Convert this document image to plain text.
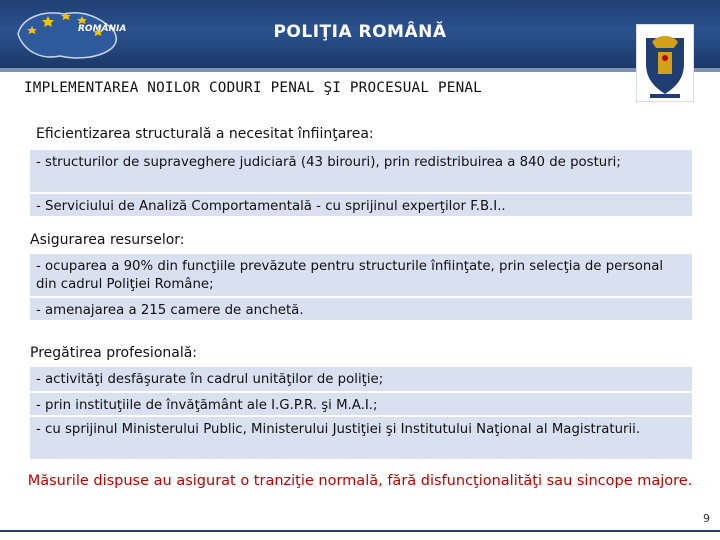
ROMÂNIA	POLIŢIA ROMÂNĂ
IMPLEMENTAREA NOILOR CODURI PENAL ŞI PROCESUAL PENAL
Eficientizarea structurală a necesitat înfiinţarea:
- structurilor de supraveghere judiciară (43 birouri), prin redistribuirea a 840 de posturi;
- Serviciului de Analiză Comportamentală - cu sprijinul experţilor F.B.I..
Asigurarea resurselor:
- ocuparea a 90% din funcţiile prevăzute pentru structurile înfiinţate, prin selecţia de personal din cadrul Poliţiei Române;
- amenajarea a 215 camere de anchetă.
Pregătirea profesională:
- activităţi desfăşurate în cadrul unităţilor de poliţie;
- prin instituţiile de învăţământ ale I.G.P.R. şi M.A.I.;
- cu sprijinul Ministerului Public, Ministerului Justiţiei şi Institutului Naţional al Magistraturii.
Măsurile dispuse au asigurat o tranziţie normală, fără disfuncţionalităţi sau sincope majore.
9
